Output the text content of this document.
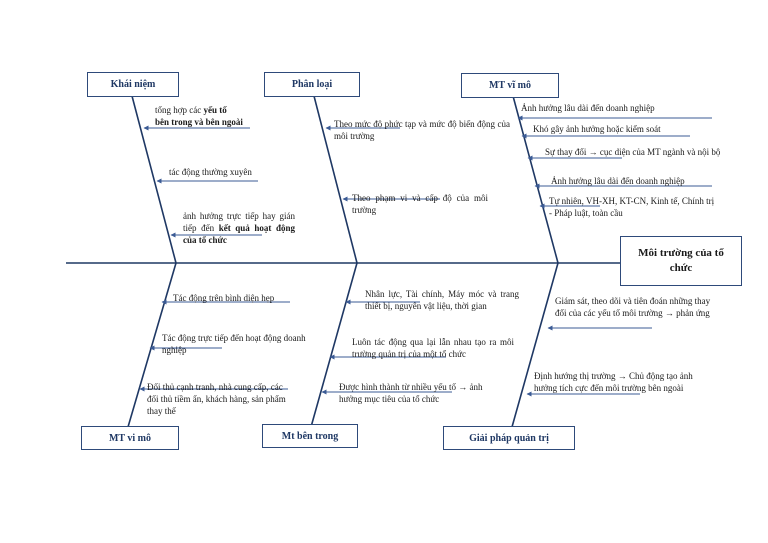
Khái niệm	Phân loại	MT vĩ mô
MT vi mô	Mt bên trong	Giải pháp quản trị
Môi trường của tổ chức

tổng hợp các yếu tố
bên trong và bên ngoài

tác động thường xuyên

ảnh hưởng trực tiếp hay gián tiếp đến kết quả hoạt động của tổ chức

Theo mức độ phức tạp và mức độ biến động của môi trường

Theo phạm vi và cấp độ của môi trường

Ảnh hưởng lâu dài đến doanh nghiệp

Khó gây ảnh hưởng hoặc kiểm soát

Sự thay đổi → cục diện của MT ngành và nội bộ

Ảnh hưởng lâu dài đến doanh nghiệp

Tự nhiên, VH-XH, KT-CN, Kinh tế, Chính trị - Pháp luật, toàn cầu

Tác động trên bình diện hẹp

Tác động trực tiếp đến hoạt động doanh nghiệp

Đối thủ cạnh tranh, nhà cung cấp, các đối thủ tiềm ẩn, khách hàng, sản phẩm thay thế

Nhân lực, Tài chính, Máy móc và trang thiết bị, nguyên vật liệu, thời gian

Luôn tác động qua lại lẫn nhau tạo ra môi trường quản trị của một tổ chức

Được hình thành từ nhiều yếu tố → ảnh hưởng mục tiêu của tổ chức

Giám sát, theo dõi và tiên đoán những thay đổi của các yếu tố môi trường → phản ứng

Định hướng thị trường → Chủ động tạo ảnh hưởng tích cực đến môi trường bên ngoài
